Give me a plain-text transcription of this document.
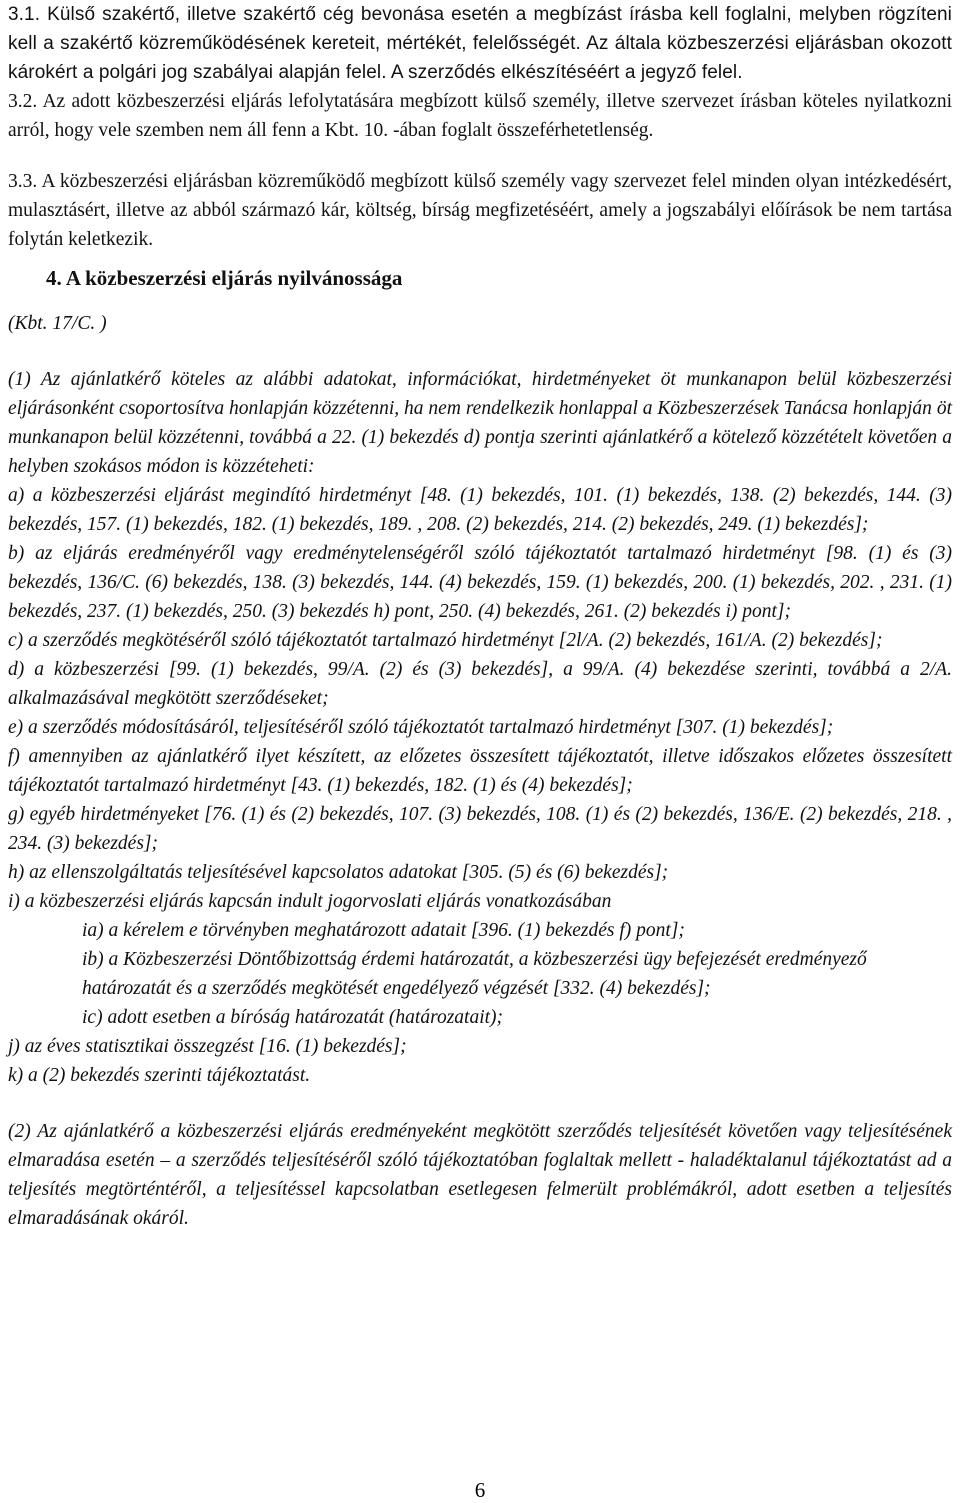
3.1. Külső szakértő, illetve szakértő cég bevonása esetén a megbízást írásba kell foglalni, melyben rögzíteni kell a szakértő közreműködésének kereteit, mértékét, felelősségét. Az általa közbeszerzési eljárásban okozott károkért a polgári jog szabályai alapján felel. A szerződés elkészítéséért a jegyző felel.

3.2. Az adott közbeszerzési eljárás lefolytatására megbízott külső személy, illetve szervezet írásban köteles nyilatkozni arról, hogy vele szemben nem áll fenn a Kbt. 10. -ában foglalt összeférhetetlenség.

3.3. A közbeszerzési eljárásban közreműködő megbízott külső személy vagy szervezet felel minden olyan intézkedésért, mulasztásért, illetve az abból származó kár, költség, bírság megfizetéséért, amely a jogszabályi előírások be nem tartása folytán keletkezik.

4. A közbeszerzési eljárás nyilvánossága

(Kbt. 17/C. )

(1) Az ajánlatkérő köteles az alábbi adatokat, információkat, hirdetményeket öt munkanapon belül közbeszerzési eljárásonként csoportosítva honlapján közzétenni, ha nem rendelkezik honlappal a Közbeszerzések Tanácsa honlapján öt munkanapon belül közzétenni, továbbá a 22. (1) bekezdés d) pontja szerinti ajánlatkérő a kötelező közzétételt követően a helyben szokásos módon is közzéteheti:

a) a közbeszerzési eljárást megindító hirdetményt [48. (1) bekezdés, 101. (1) bekezdés, 138. (2) bekezdés, 144. (3) bekezdés, 157. (1) bekezdés, 182. (1) bekezdés, 189. , 208. (2) bekezdés, 214. (2) bekezdés, 249. (1) bekezdés];

b) az eljárás eredményéről vagy eredménytelenségéről szóló tájékoztatót tartalmazó hirdetményt [98. (1) és (3) bekezdés, 136/C. (6) bekezdés, 138. (3) bekezdés, 144. (4) bekezdés, 159. (1) bekezdés, 200. (1) bekezdés, 202. , 231. (1) bekezdés, 237. (1) bekezdés, 250. (3) bekezdés h) pont, 250. (4) bekezdés, 261. (2) bekezdés i) pont];

c) a szerződés megkötéséről szóló tájékoztatót tartalmazó hirdetményt [2l/A. (2) bekezdés, 161/A. (2) bekezdés];

d) a közbeszerzési [99. (1) bekezdés, 99/A. (2) és (3) bekezdés], a 99/A. (4) bekezdése szerinti, továbbá a 2/A. alkalmazásával megkötött szerződéseket;

e) a szerződés módosításáról, teljesítéséről szóló tájékoztatót tartalmazó hirdetményt [307. (1) bekezdés];

f) amennyiben az ajánlatkérő ilyet készített, az előzetes összesített tájékoztatót, illetve időszakos előzetes összesített tájékoztatót tartalmazó hirdetményt [43. (1) bekezdés, 182. (1) és (4) bekezdés];

g) egyéb hirdetményeket [76. (1) és (2) bekezdés, 107. (3) bekezdés, 108. (1) és (2) bekezdés, 136/E. (2) bekezdés, 218. , 234. (3) bekezdés];

h) az ellenszolgáltatás teljesítésével kapcsolatos adatokat [305. (5) és (6) bekezdés];

i) a közbeszerzési eljárás kapcsán indult jogorvoslati eljárás vonatkozásában

ia) a kérelem e törvényben meghatározott adatait [396. (1) bekezdés f) pont];

ib) a Közbeszerzési Döntőbizottság érdemi határozatát, a közbeszerzési ügy befejezését eredményező határozatát és a szerződés megkötését engedélyező végzését [332. (4) bekezdés];

ic) adott esetben a bíróság határozatát (határozatait);

j) az éves statisztikai összegzést [16. (1) bekezdés];

k) a (2) bekezdés szerinti tájékoztatást.

(2) Az ajánlatkérő a közbeszerzési eljárás eredményeként megkötött szerződés teljesítését követően vagy teljesítésének elmaradása esetén – a szerződés teljesítéséről szóló tájékoztatóban foglaltak mellett - haladéktalanul tájékoztatást ad a teljesítés megtörténtéről, a teljesítéssel kapcsolatban esetlegesen felmerült problémákról, adott esetben a teljesítés elmaradásának okáról.

6
